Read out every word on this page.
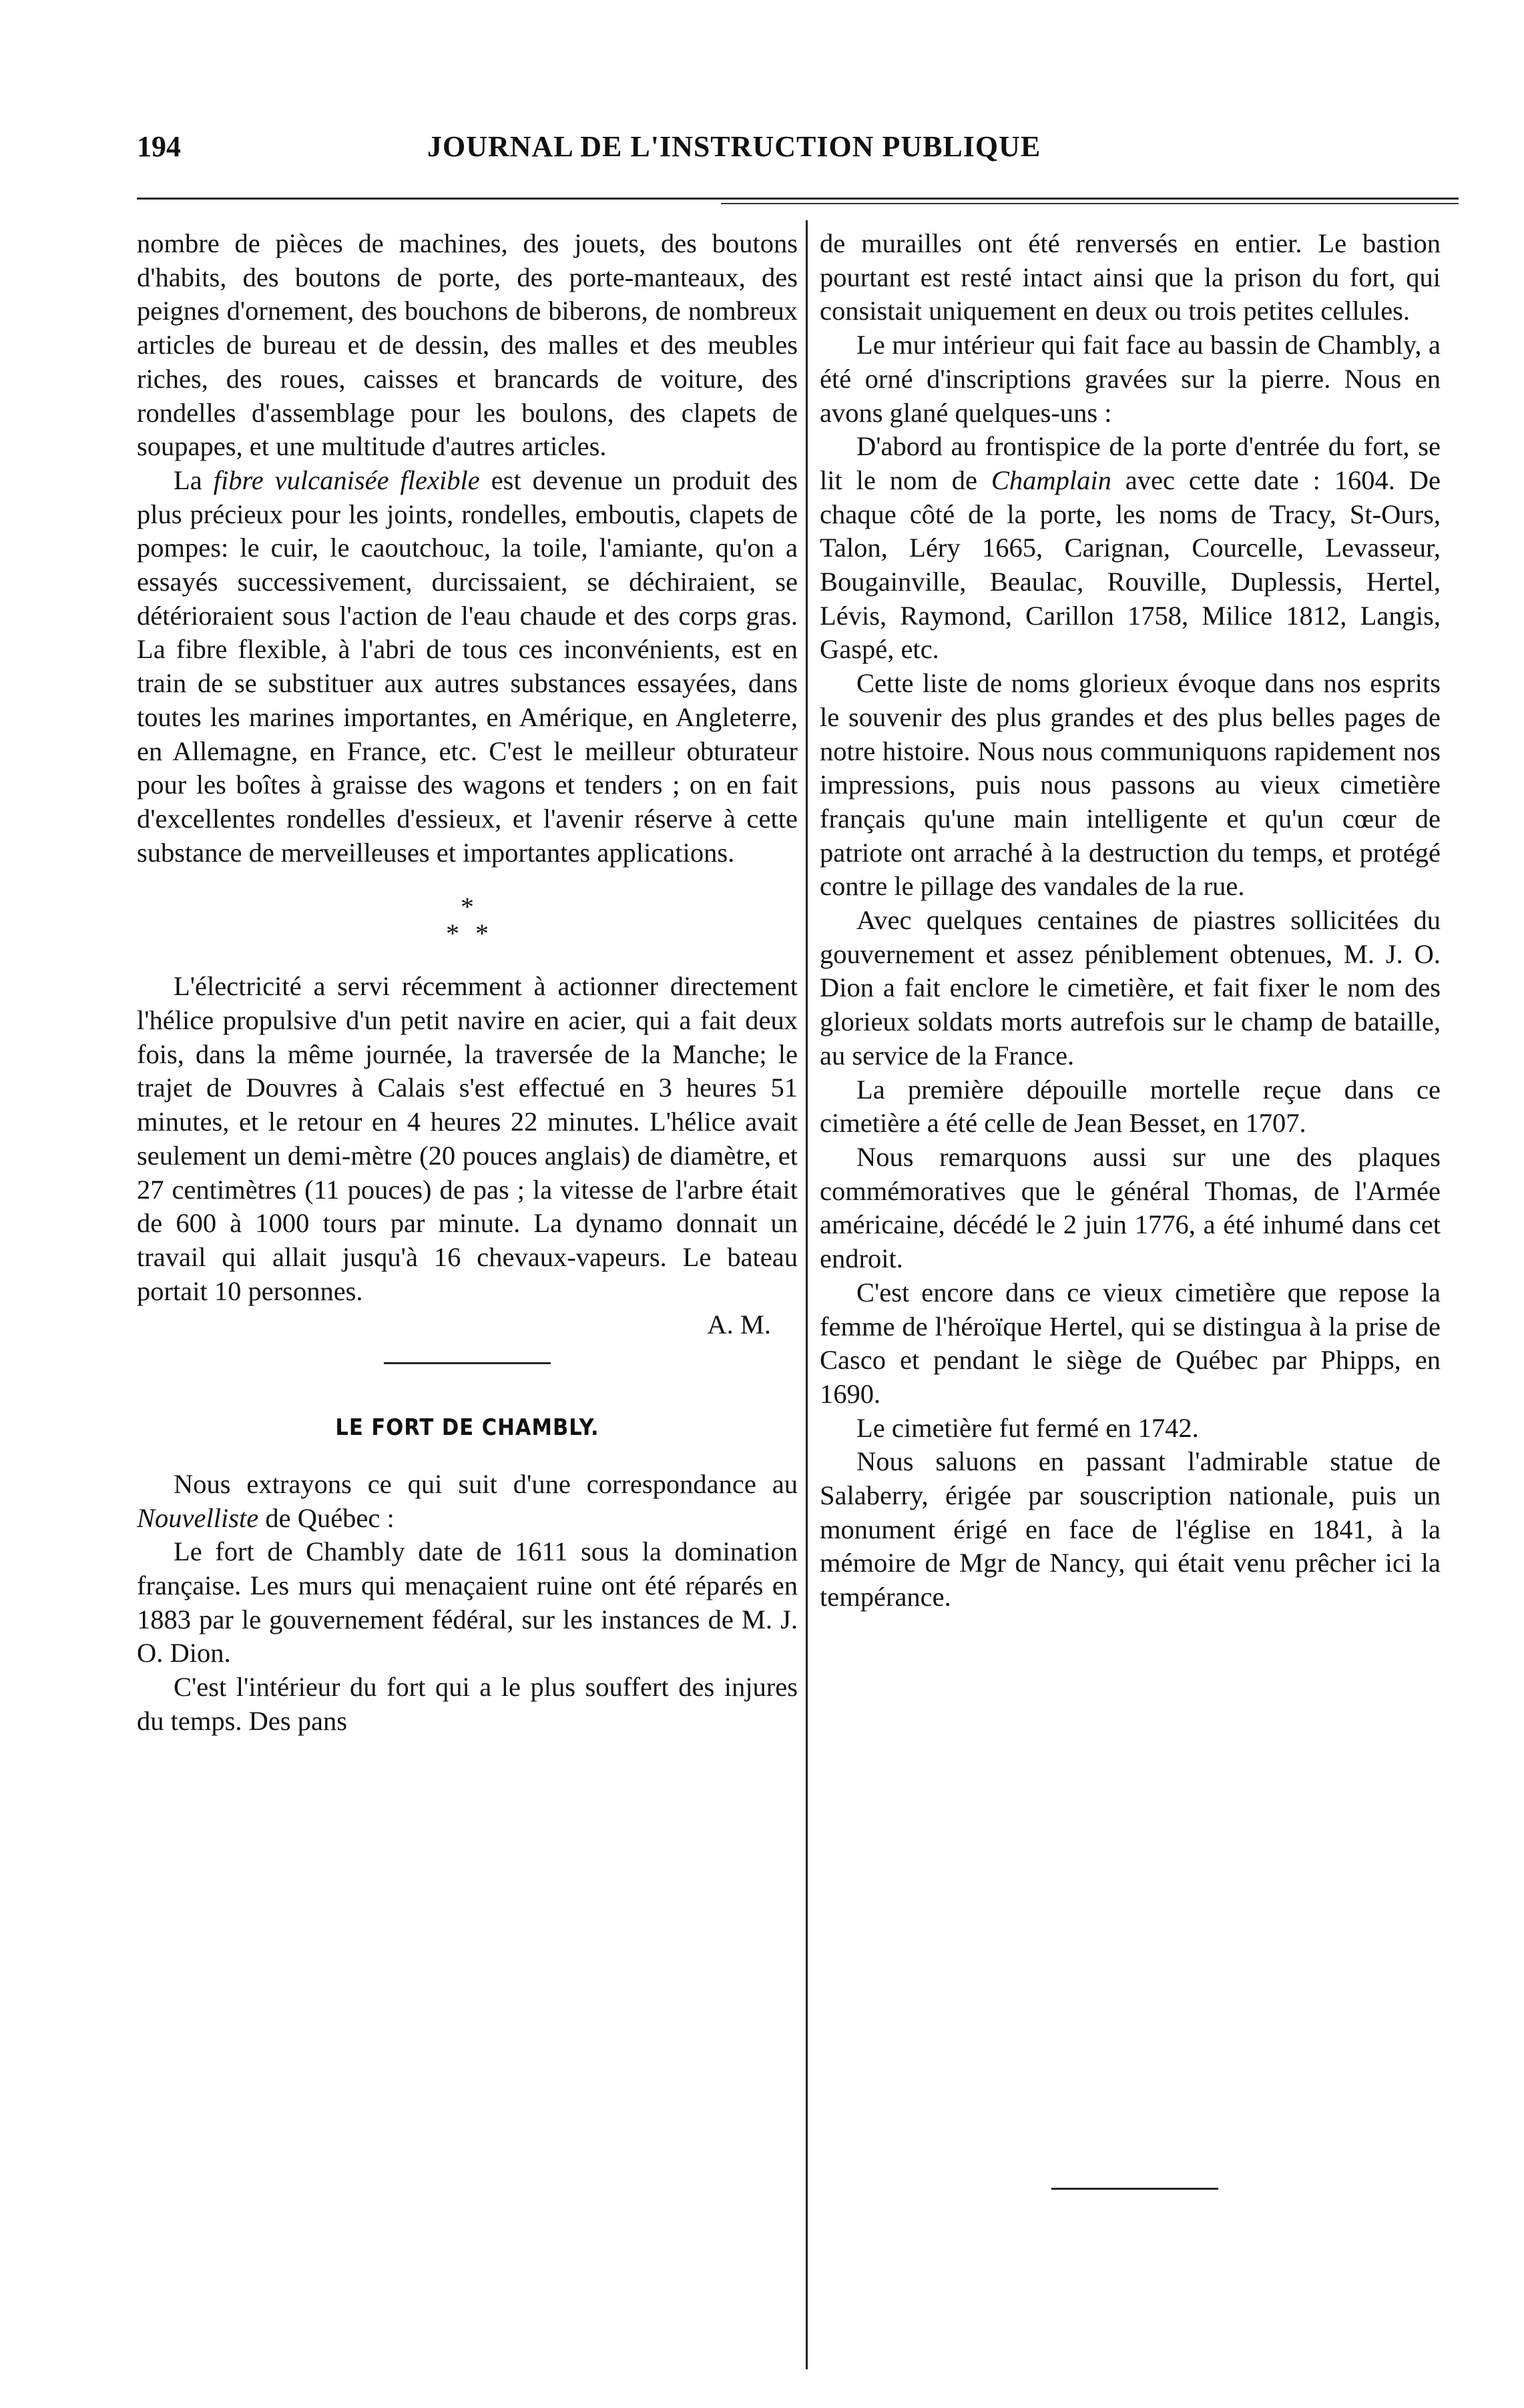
194	JOURNAL DE L'INSTRUCTION PUBLIQUE

nombre de pièces de machines, des jouets, des boutons d'habits, des boutons de porte, des porte-manteaux, des peignes d'ornement, des bouchons de biberons, de nombreux articles de bureau et de dessin, des malles et des meubles riches, des roues, caisses et brancards de voiture, des rondelles d'assemblage pour les boulons, des clapets de soupapes, et une multitude d'autres articles.

La fibre vulcanisée flexible est devenue un produit des plus précieux pour les joints, rondelles, emboutis, clapets de pompes: le cuir, le caoutchouc, la toile, l'amiante, qu'on a essayés successivement, durcissaient, se déchiraient, se détérioraient sous l'action de l'eau chaude et des corps gras. La fibre flexible, à l'abri de tous ces inconvénients, est en train de se substituer aux autres substances essayées, dans toutes les marines importantes, en Amérique, en Angleterre, en Allemagne, en France, etc. C'est le meilleur obturateur pour les boîtes à graisse des wagons et tenders ; on en fait d'excellentes rondelles d'essieux, et l'avenir réserve à cette substance de merveilleuses et importantes applications.

*
**

L'électricité a servi récemment à actionner directement l'hélice propulsive d'un petit navire en acier, qui a fait deux fois, dans la même journée, la traversée de la Manche; le trajet de Douvres à Calais s'est effectué en 3 heures 51 minutes, et le retour en 4 heures 22 minutes. L'hélice avait seulement un demi-mètre (20 pouces anglais) de diamètre, et 27 centimètres (11 pouces) de pas ; la vitesse de l'arbre était de 600 à 1000 tours par minute. La dynamo donnait un travail qui allait jusqu'à 16 chevaux-vapeurs. Le bateau portait 10 personnes.

A. M.

LE FORT DE CHAMBLY.

Nous extrayons ce qui suit d'une correspondance au Nouvelliste de Québec :

Le fort de Chambly date de 1611 sous la domination française. Les murs qui menaçaient ruine ont été réparés en 1883 par le gouvernement fédéral, sur les instances de M. J. O. Dion.

C'est l'intérieur du fort qui a le plus souffert des injures du temps. Des pans

de murailles ont été renversés en entier. Le bastion pourtant est resté intact ainsi que la prison du fort, qui consistait uniquement en deux ou trois petites cellules.

Le mur intérieur qui fait face au bassin de Chambly, a été orné d'inscriptions gravées sur la pierre. Nous en avons glané quelques-uns :

D'abord au frontispice de la porte d'entrée du fort, se lit le nom de Champlain avec cette date : 1604. De chaque côté de la porte, les noms de Tracy, St-Ours, Talon, Léry 1665, Carignan, Courcelle, Levasseur, Bougainville, Beaulac, Rouville, Duplessis, Hertel, Lévis, Raymond, Carillon 1758, Milice 1812, Langis, Gaspé, etc.

Cette liste de noms glorieux évoque dans nos esprits le souvenir des plus grandes et des plus belles pages de notre histoire. Nous nous communiquons rapidement nos impressions, puis nous passons au vieux cimetière français qu'une main intelligente et qu'un cœur de patriote ont arraché à la destruction du temps, et protégé contre le pillage des vandales de la rue.

Avec quelques centaines de piastres sollicitées du gouvernement et assez péniblement obtenues, M. J. O. Dion a fait enclore le cimetière, et fait fixer le nom des glorieux soldats morts autrefois sur le champ de bataille, au service de la France.

La première dépouille mortelle reçue dans ce cimetière a été celle de Jean Besset, en 1707.

Nous remarquons aussi sur une des plaques commémoratives que le général Thomas, de l'Armée américaine, décédé le 2 juin 1776, a été inhumé dans cet endroit.

C'est encore dans ce vieux cimetière que repose la femme de l'héroïque Hertel, qui se distingua à la prise de Casco et pendant le siège de Québec par Phipps, en 1690.

Le cimetière fut fermé en 1742.

Nous saluons en passant l'admirable statue de Salaberry, érigée par souscription nationale, puis un monument érigé en face de l'église en 1841, à la mémoire de Mgr de Nancy, qui était venu prêcher ici la tempérance.
